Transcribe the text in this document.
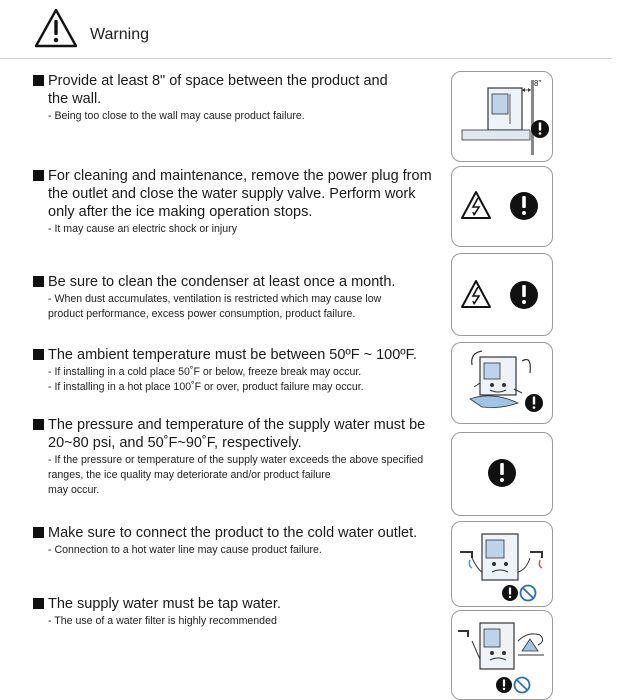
Warning
Provide at least 8" of space between the product and
the wall.
- Being too close to the wall may cause product failure.
For cleaning and maintenance, remove the power plug from
the outlet and close the water supply valve. Perform work
only after the ice making operation stops.
- It may cause an electric shock or injury
Be sure to clean the condenser at least once a month.
- When dust accumulates, ventilation is restricted which may cause low
product performance, excess power consumption, product failure.
The ambient temperature must be between 50ºF ~ 100ºF.
- If installing in a cold place 50˚F or below, freeze break may occur.
- If installing in a hot place 100˚F or over, product failure may occur.
The pressure and temperature of the supply water must be
20~80 psi, and 50˚F~90˚F, respectively.
- If the pressure or temperature of the supply water exceeds the above specified
ranges, the ice quality may deteriorate and/or product failure
may occur.
Make sure to connect the product to the cold water outlet.
- Connection to a hot water line may cause product failure.
The supply water must be tap water.
- The use of a water filter is highly recommended
8"
